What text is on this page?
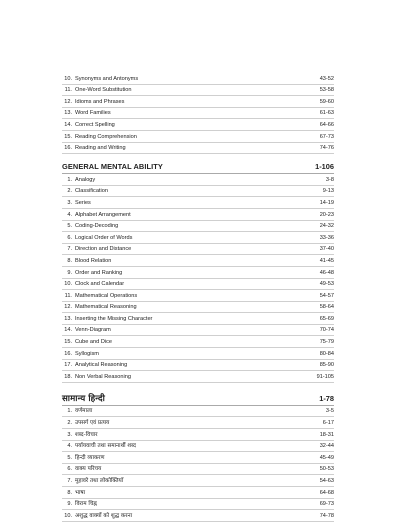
10. Synonyms and Antonyms	43-52
11. One-Word Substitution	53-58
12. Idioms and Phrases	59-60
13. Word Families	61-63
14. Correct Spelling	64-66
15. Reading Comprehension	67-73
16. Reading and Writing	74-76
GENERAL MENTAL ABILITY	1-106
1. Analogy	3-8
2. Classification	9-13
3. Series	14-19
4. Alphabet Arrangement	20-23
5. Coding-Decoding	24-32
6. Logical Order of Words	33-36
7. Direction and Distance	37-40
8. Blood Relation	41-45
9. Order and Ranking	46-48
10. Clock and Calendar	49-53
11. Mathematical Operations	54-57
12. Mathematical Reasoning	58-64
13. Inserting the Missing Character	65-69
14. Venn-Diagram	70-74
15. Cube and Dice	75-79
16. Syllogism	80-84
17. Analytical Reasoning	85-90
18. Non Verbal Reasoning	91-105
सामान्य हिन्दी	1-78
1. वर्णमाला	3-5
2. उपसर्ग एवं प्रत्यय	6-17
3. शब्द-विचार	18-31
4. पर्यायवाची तथा समानार्थी शब्द	32-44
5. हिन्दी व्याकरण	45-49
6. वाक्य परिचय	50-53
7. मुहावरे तथा लोकोक्तियाँ	54-63
8. भाषा	64-68
9. विराम चिह्न	69-73
10. अशुद्ध वाक्यों को शुद्ध करना	74-78
